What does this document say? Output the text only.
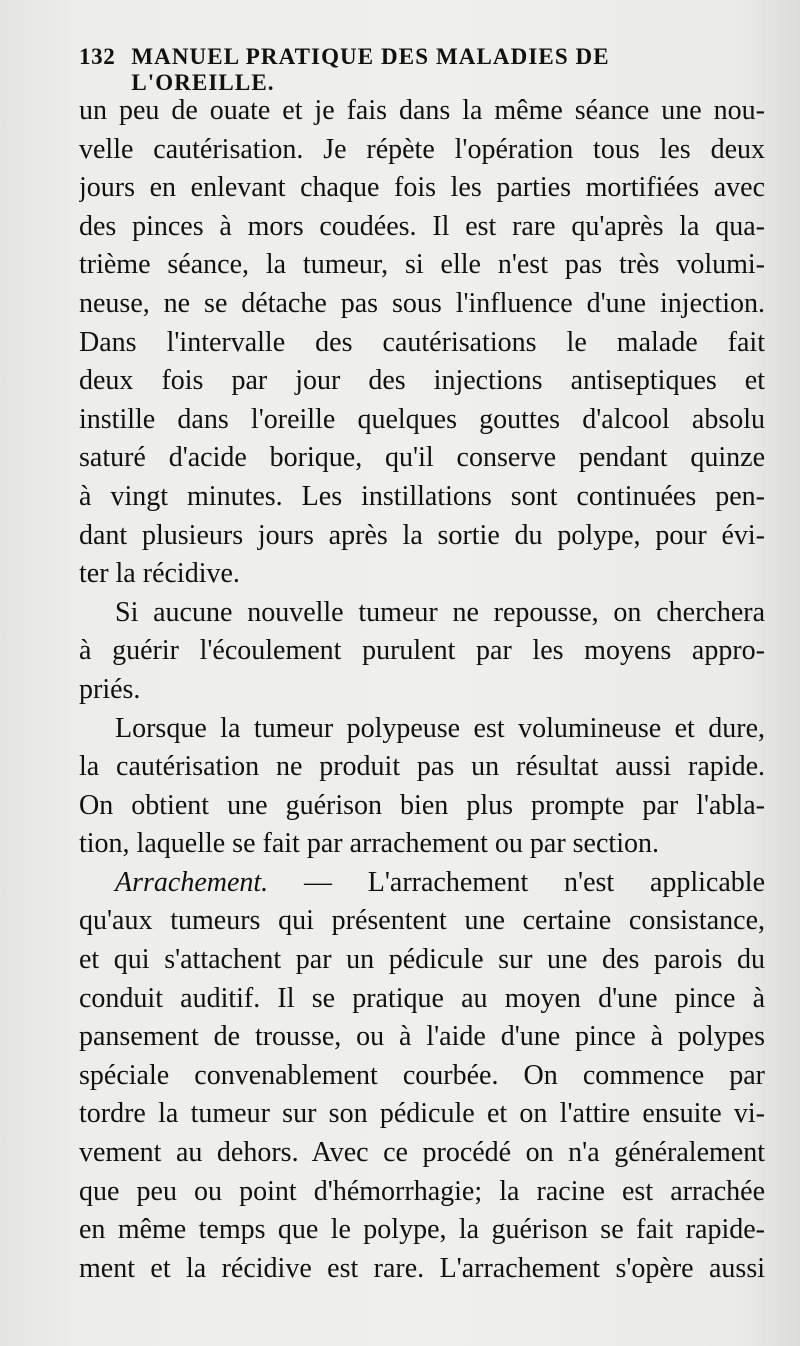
132 MANUEL PRATIQUE DES MALADIES DE L'OREILLE.
un peu de ouate et je fais dans la même séance une nou-
velle cautérisation. Je répète l'opération tous les deux
jours en enlevant chaque fois les parties mortifiées avec
des pinces à mors coudées. Il est rare qu'après la qua-
trième séance, la tumeur, si elle n'est pas très volumi-
neuse, ne se détache pas sous l'influence d'une injection.
Dans l'intervalle des cautérisations le malade fait
deux fois par jour des injections antiseptiques et
instille dans l'oreille quelques gouttes d'alcool absolu
saturé d'acide borique, qu'il conserve pendant quinze
à vingt minutes. Les instillations sont continuées pen-
dant plusieurs jours après la sortie du polype, pour évi-
ter la récidive.
Si aucune nouvelle tumeur ne repousse, on cherchera
à guérir l'écoulement purulent par les moyens appro-
priés.
Lorsque la tumeur polypeuse est volumineuse et dure,
la cautérisation ne produit pas un résultat aussi rapide.
On obtient une guérison bien plus prompte par l'abla-
tion, laquelle se fait par arrachement ou par section.
Arrachement. — L'arrachement n'est applicable
qu'aux tumeurs qui présentent une certaine consistance,
et qui s'attachent par un pédicule sur une des parois du
conduit auditif. Il se pratique au moyen d'une pince à
pansement de trousse, ou à l'aide d'une pince à polypes
spéciale convenablement courbée. On commence par
tordre la tumeur sur son pédicule et on l'attire ensuite vi-
vement au dehors. Avec ce procédé on n'a généralement
que peu ou point d'hémorrhagie; la racine est arrachée
en même temps que le polype, la guérison se fait rapide-
ment et la récidive est rare. L'arrachement s'opère aussi
